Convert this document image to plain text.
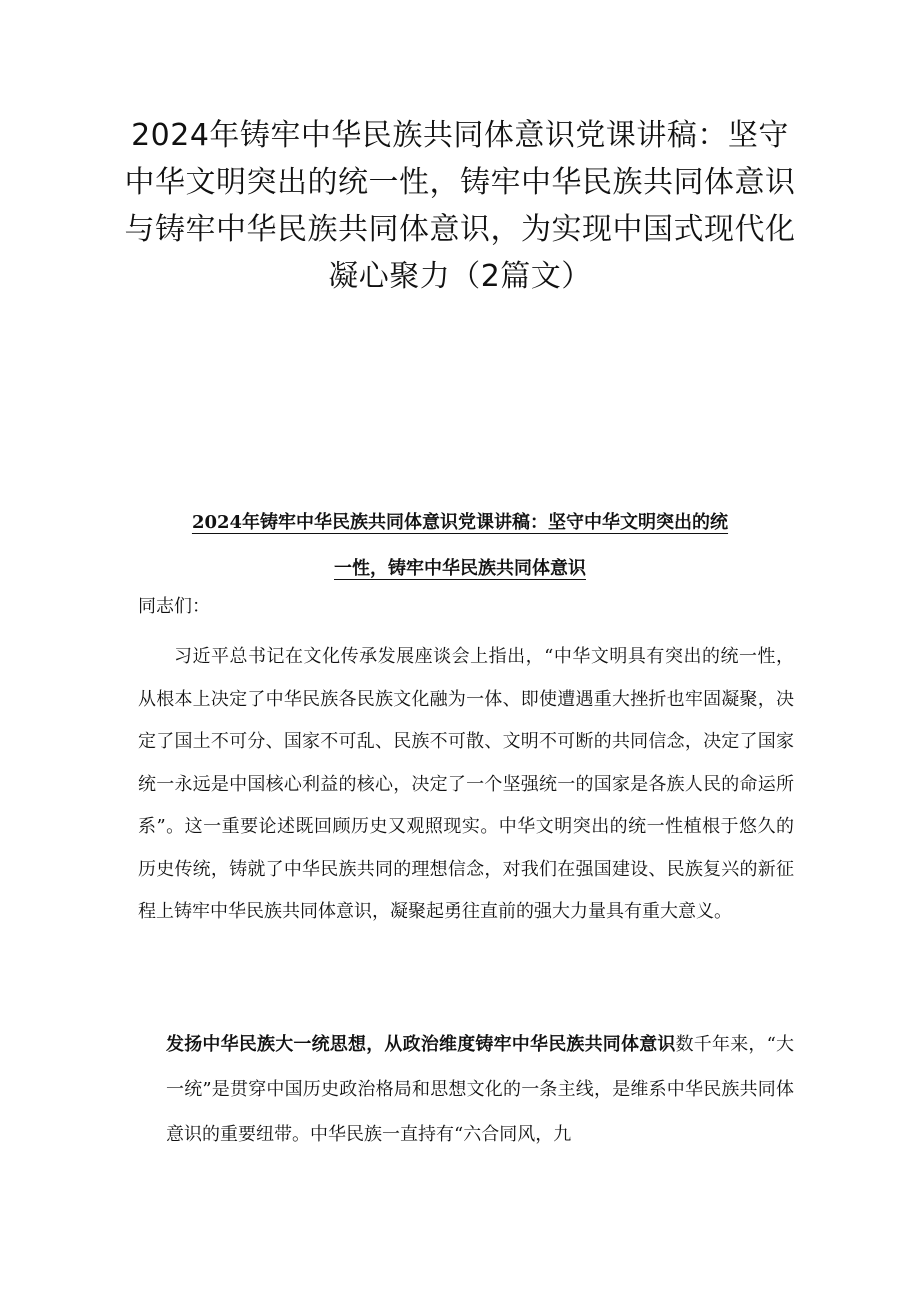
2024年铸牢中华民族共同体意识党课讲稿：坚守中华文明突出的统一性，铸牢中华民族共同体意识与铸牢中华民族共同体意识，为实现中国式现代化凝心聚力（2篇文）
2024年铸牢中华民族共同体意识党课讲稿：坚守中华文明突出的统
一性，铸牢中华民族共同体意识

同志们：

习近平总书记在文化传承发展座谈会上指出，“中华文明具有突出的统一性，从根本上决定了中华民族各民族文化融为一体、即使遭遇重大挫折也牢固凝聚，决定了国土不可分、国家不可乱、民族不可散、文明不可断的共同信念，决定了国家统一永远是中国核心利益的核心，决定了一个坚强统一的国家是各族人民的命运所系”。这一重要论述既回顾历史又观照现实。中华文明突出的统一性植根于悠久的历史传统，铸就了中华民族共同的理想信念，对我们在强国建设、民族复兴的新征程上铸牢中华民族共同体意识，凝聚起勇往直前的强大力量具有重大意义。

发扬中华民族大一统思想，从政治维度铸牢中华民族共同体意识数千年来，“大一统”是贯穿中国历史政治格局和思想文化的一条主线，是维系中华民族共同体意识的重要纽带。中华民族一直持有“六合同风，九
